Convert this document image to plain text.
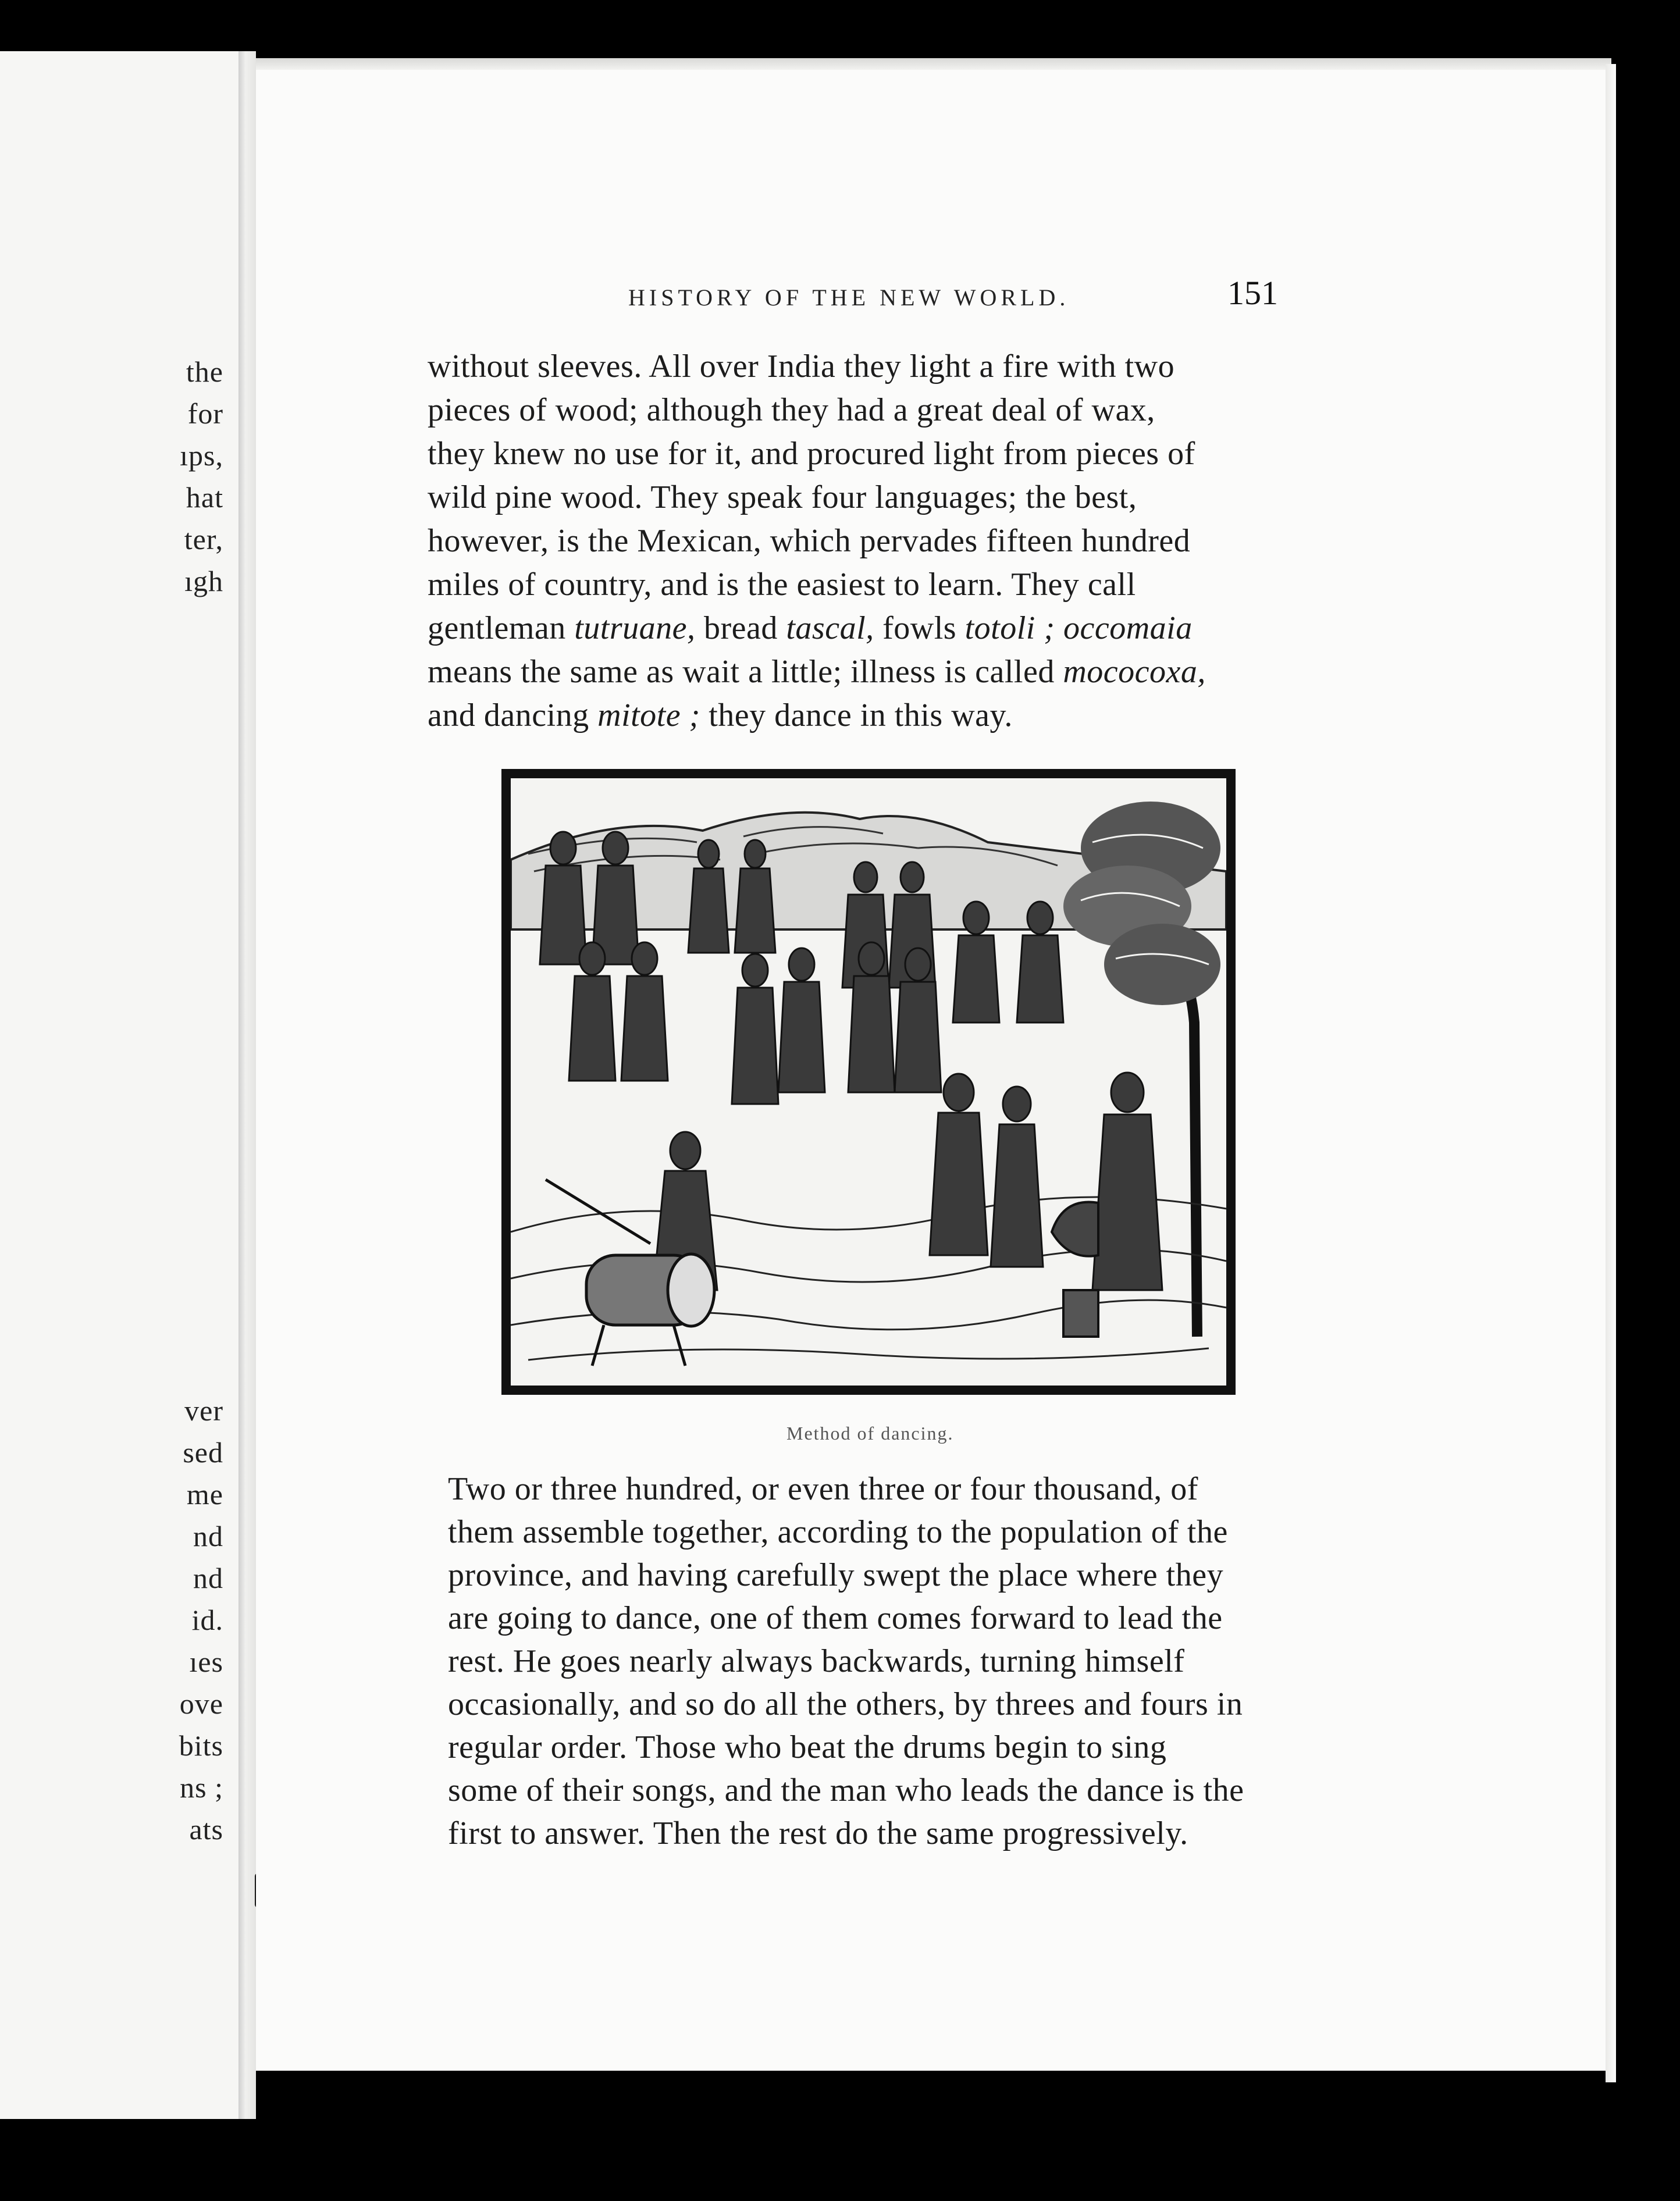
the
for
ıps,
hat
ter,
ıgh
ver
sed
me
nd
nd
id.
ıes
ove
bits
ns ;
ats
HISTORY OF THE NEW WORLD.	151
without sleeves. All over India they light a fire with two
pieces of wood; although they had a great deal of wax,
they knew no use for it, and procured light from pieces of
wild pine wood. They speak four languages; the best,
however, is the Mexican, which pervades fifteen hundred
miles of country, and is the easiest to learn. They call
gentleman tutruane, bread tascal, fowls totoli ; occomaia
means the same as wait a little; illness is called mococoxa,
and dancing mitote ; they dance in this way.
Method of dancing.
Two or three hundred, or even three or four thousand, of
them assemble together, according to the population of the
province, and having carefully swept the place where they
are going to dance, one of them comes forward to lead the
rest. He goes nearly always backwards, turning himself
occasionally, and so do all the others, by threes and fours in
regular order. Those who beat the drums begin to sing
some of their songs, and the man who leads the dance is the
first to answer. Then the rest do the same progressively.
